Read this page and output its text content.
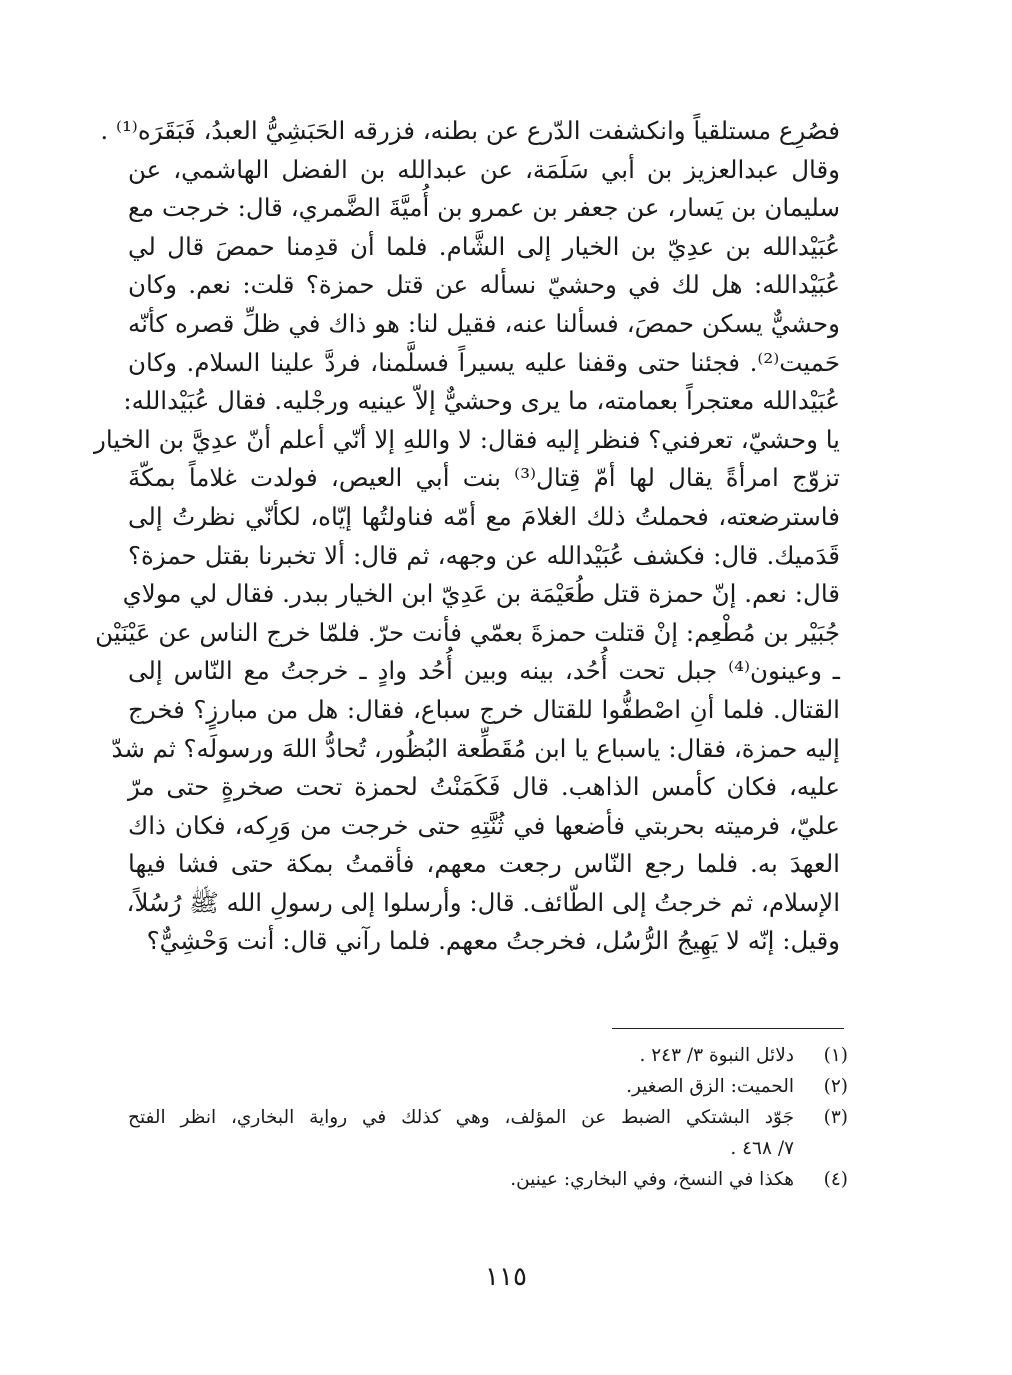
فصُرِع مستلقياً وانكشفت الدّرع عن بطنه، فزرقه الحَبَشِيُّ العبدُ، فَبَقَرَه⁽¹⁾ .
وقال عبدالعزيز بن أبي سَلَمَة، عن عبدالله بن الفضل الهاشمي، عن
سليمان بن يَسار، عن جعفر بن عمرو بن أُميَّةَ الضَّمري، قال: خرجت مع
عُبَيْدالله بن عدِيّ بن الخيار إلى الشَّام. فلما أن قدِمنا حمصَ قال لي
عُبَيْدالله: هل لك في وحشيّ نسأله عن قتل حمزة؟ قلت: نعم. وكان
وحشيٌّ يسكن حمصَ، فسألنا عنه، فقيل لنا: هو ذاك في ظلِّ قصره كأنّه
حَميت⁽²⁾. فجئنا حتى وقفنا عليه يسيراً فسلَّمنا، فردَّ علينا السلام. وكان
عُبَيْدالله معتجراً بعمامته، ما يرى وحشيٌّ إلاّ عينيه ورجْليه. فقال عُبَيْدالله:
يا وحشيّ، تعرفني؟ فنظر إليه فقال: لا واللهِ إلا أنّي أعلم أنّ عدِيَّ بن الخيار
تزوّج امرأةً يقال لها أمّ قِتال⁽³⁾ بنت أبي العيص، فولدت غلاماً بمكّةَ
فاسترضعته، فحملتُ ذلك الغلامَ مع أمّه فناولتُها إيّاه، لكأنّي نظرتُ إلى
قَدَميك. قال: فكشف عُبَيْدالله عن وجهه، ثم قال: ألا تخبرنا بقتل حمزة؟
قال: نعم. إنّ حمزة قتل طُعَيْمَة بن عَدِيّ ابن الخيار ببدر. فقال لي مولاي
جُبَيْر بن مُطْعِم: إنْ قتلت حمزةَ بعمّي فأنت حرّ. فلمّا خرج الناس عن عَيْنَيْن
ـ وعينون⁽⁴⁾ جبل تحت أُحُد، بينه وبين أُحُد وادٍ ـ خرجتُ مع النّاس إلى
القتال. فلما أنِ اصْطفُّوا للقتال خرج سباع، فقال: هل من مبارزٍ؟ فخرج
إليه حمزة، فقال: ياسباع يا ابن مُقَطِّعة البُظُور، تُحادُّ اللهَ ورسولَه؟ ثم شدّ
عليه، فكان كأمس الذاهب. قال فَكَمَنْتُ لحمزة تحت صخرةٍ حتى مرّ
عليّ، فرميته بحربتي فأضعها في ثُنَّتِهِ حتى خرجت من وَرِكه، فكان ذاك
العهدَ به. فلما رجع النّاس رجعت معهم، فأقمتُ بمكة حتى فشا فيها
الإسلام، ثم خرجتُ إلى الطّائف. قال: وأرسلوا إلى رسولِ الله ﷺ رُسُلاً،
وقيل: إنّه لا يَهِيجُ الرُّسُل، فخرجتُ معهم. فلما رآني قال: أنت وَحْشِيٌّ؟
(١)
دلائل النبوة ٣/ ٢٤٣ .
(٢)
الحميت: الزق الصغير.
(٣)
جَوّد البشتكي الضبط عن المؤلف، وهي كذلك في رواية البخاري، انظر الفتح
٧/ ٤٦٨ .
(٤)
هكذا في النسخ، وفي البخاري: عينين.
١١٥
